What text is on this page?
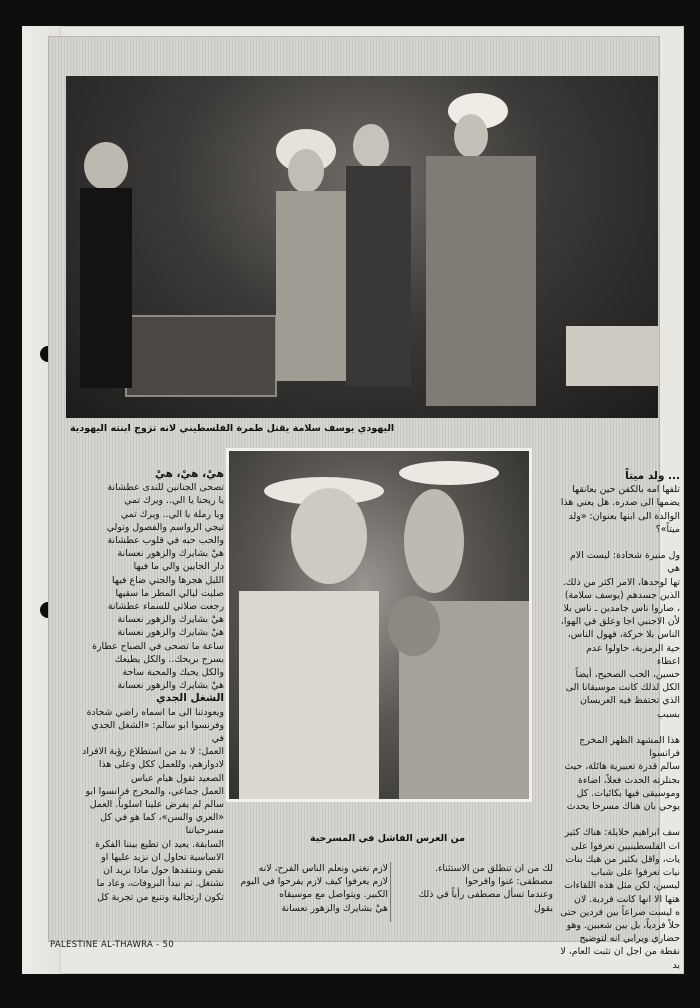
اليهودي يوسف سلامة يقتل طمرة الفلسطيني لانه تزوج ابنته اليهودية
من العرس الفاشل في المسرحية

... ولد ميتاً

تلفها امه بالكفن حين يعانقها

يضمها الى صدره. هل يعني هذا

الوالدة الى ابنها بعنوان: «ولد

ميتاً»؟

ول منيرة شحادة: ليست الام هي

تها لوحدها، الامر اكثر من ذلك.

الذين جسدهم (يوسف سلامة)

، صاروا ناس جامدين ـ ناس بلا

لأن الاجنبي اجا وعلق في الهوا،

الناس بلا حركة، فهول الناس،

حية الرمزية، حاولوا عدم اعطاء

حسين، الحب الصحيح، أيضاً

الكل لذلك كانت موسيقانا الى

الذي تحتفظ فيه العريسان بسبب

هذا المشهد الظهر المخرج فرانسوا

سالم قدرة تعبيرية هائلة، حيث

بجنلرته الحدث فعلاً، اضاءة

وموسيقى فيها بكائيات. كل

يوحي بان هناك مسرحا يحدث

سف ابراهيم خلايلة: هناك كثير

ات الفلسطينيين تعرفوا على

يات، واقل بكثير من هيك بنات

نيات تعرفوا على شباب

ليسين، لكن مثل هذه اللقاءات

هتها الا انها كانت فردية. لان

ه ليست صراعاً بين فردين حتى

حلاً فردياً، بل بين شعبين. وهو

حضاري ويرابي انه لتوضيح

نقطة من اجل ان تثبت العام، لا بد

هيْ، هيْ، هيْ

تصحى الجنانين للندى عطشانة

يا ريحنا يا الي.. ويرك تمي

ويا رملة يا الي.. ويرك تمي

تيجي الرواسم والفصول وتولي

والحب حبه في قلوب عطشانة

هيْ بشايرك والزهور نعسانة

دار الجايين والي ما فيها

الليل هجرها والجني ضاع فيها

صليت ليالي المطر ما سقيها

رجعت صلاتي للسماء عطشانة

هيْ بشايرك والزهور نعسانة

هيْ بشايرك والزهور نعسانة

ساعة ما تصحى في الصباح عطارة

بسرح بريحك.. والكل يطيعك

والكل يحبك والمحبة ساحة

هيْ بشايرك والزهور نعسانة

الشغل الجدي

ويعودتنا الى ما اسماه راضي شحادة

وفرنسوا ابو سالم: «الشغل الجدي في

العمل: لا بد من استطلاع رؤية الافراد

لادوارهم، وللعمل ككل وعلى هذا

الصعيد تقول هيام عباس

العمل جماعي، والمخرج فرانسوا ابو

سالم لم يفرض علينا اسلوباً. العمل

«العري والسن»، كما هو في كل مسرحياتنا

السابقة. يعيد ان تطيع بيننا الفكرة

الاساسية تحاول ان نزيد عليها او

نقص وننتقدها حول ماذا نريد ان

نشتغل. ثم نبدأ البروفات، وعاد ما

تكون ارتجالية وتنبع من تجربة كل

لك من ان تنطلق من الاستثناء.

مصطفى: غنوا وافرحوا

وعندما تسأل مصطفى رأياً في ذلك

يقول

لازم نغني ونعلم الناس الفرح، لانه

لازم يعرفوا كيف لازم يفرحوا في اليوم

الكبير. ويتواصل مع موسيقاه

هيْ بشايرك والزهور نعسانة

PALESTINE AL-THAWRA - 50
